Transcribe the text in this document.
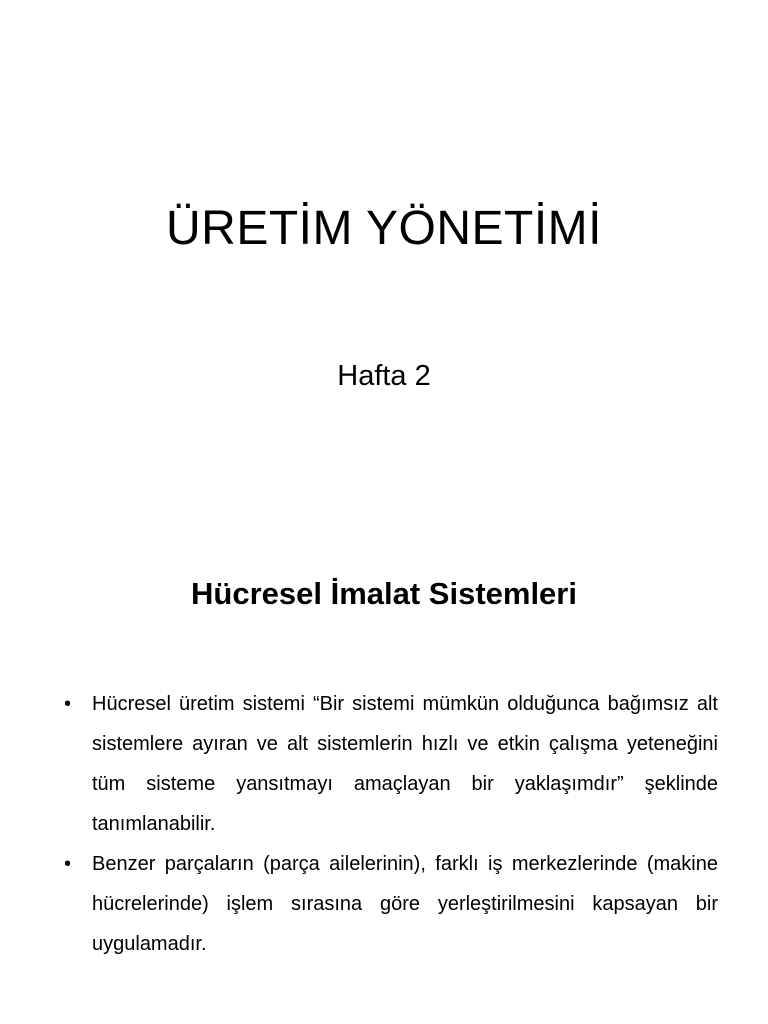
ÜRETİM YÖNETİMİ
Hafta 2
Hücresel İmalat Sistemleri
• Hücresel üretim sistemi “Bir sistemi mümkün olduğunca bağımsız alt sistemlere ayıran ve alt sistemlerin hızlı ve etkin çalışma yeteneğini tüm sisteme yansıtmayı amaçlayan bir yaklaşımdır” şeklinde tanımlanabilir.
• Benzer parçaların (parça ailelerinin), farklı iş merkezlerinde (makine hücrelerinde) işlem sırasına göre yerleştirilmesini kapsayan bir uygulamadır.
